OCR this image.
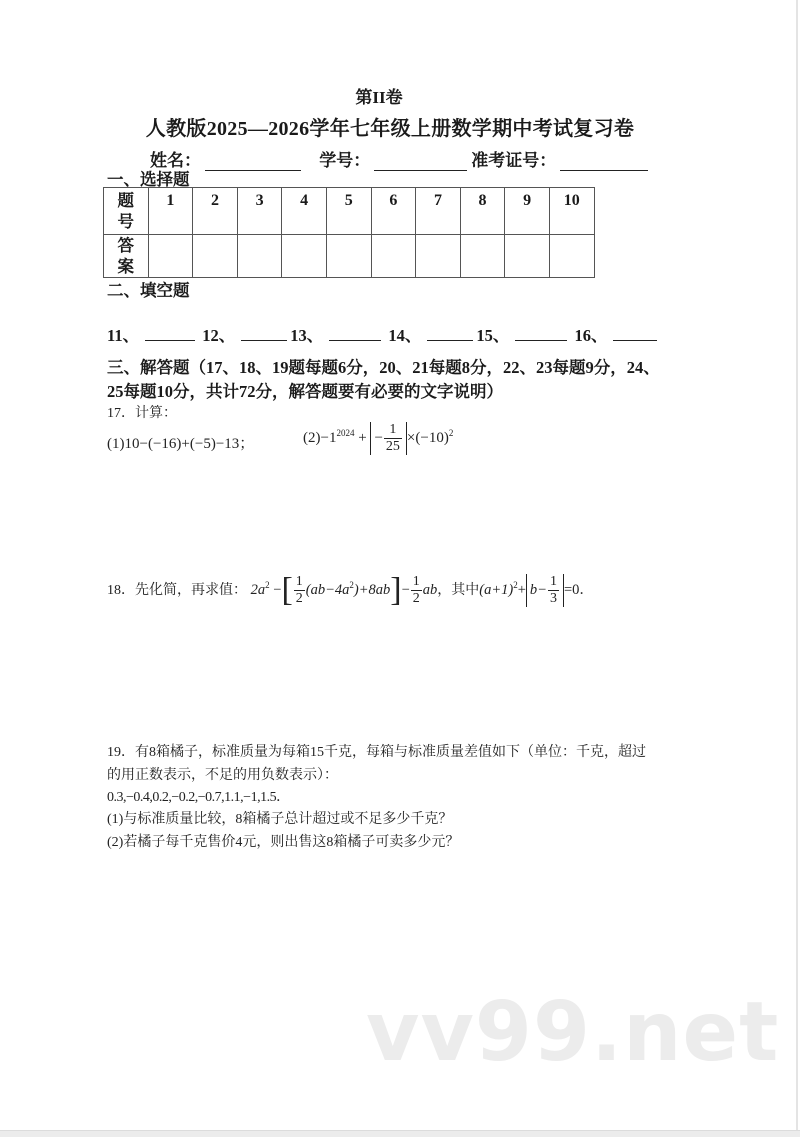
第II卷
人教版2025—2026学年七年级上册数学期中考试复习卷
姓名：	学号：	准考证号：
一、选择题
题
号	1	2	3	4	5	6	7	8	9	10
答
案										
二、填空题
11、	12、	13、	14、	15、	16、
三、解答题（17、18、19题每题6分，20、21每题8分，22、23每题9分，24、
25每题10分，共计72分，解答题要有必要的文字说明）
17．计算：
(1)10−(−16)+(−5)−13；	$(2)-1^{2024}$ + − $\frac{1}{25} \times(-10)^2$
18．先化简，再求值： $2a^2$ −[ $\frac{1}{2} (ab-4a^2)+8ab]- \frac{1}{2}$ ab，其中$(a+1)^2+ b- \frac{1}{3} =0$．
19．有8箱橘子，标准质量为每箱15千克，每箱与标准质量差值如下（单位：千克，超过
的用正数表示，不足的用负数表示）：
0.3,−0.4,0.2,−0.2,−0.7,1.1,−1,1.5．
(1)与标准质量比较，8箱橘子总计超过或不足多少千克？
(2)若橘子每千克售价4元，则出售这8箱橘子可卖多少元？
vv99.net
